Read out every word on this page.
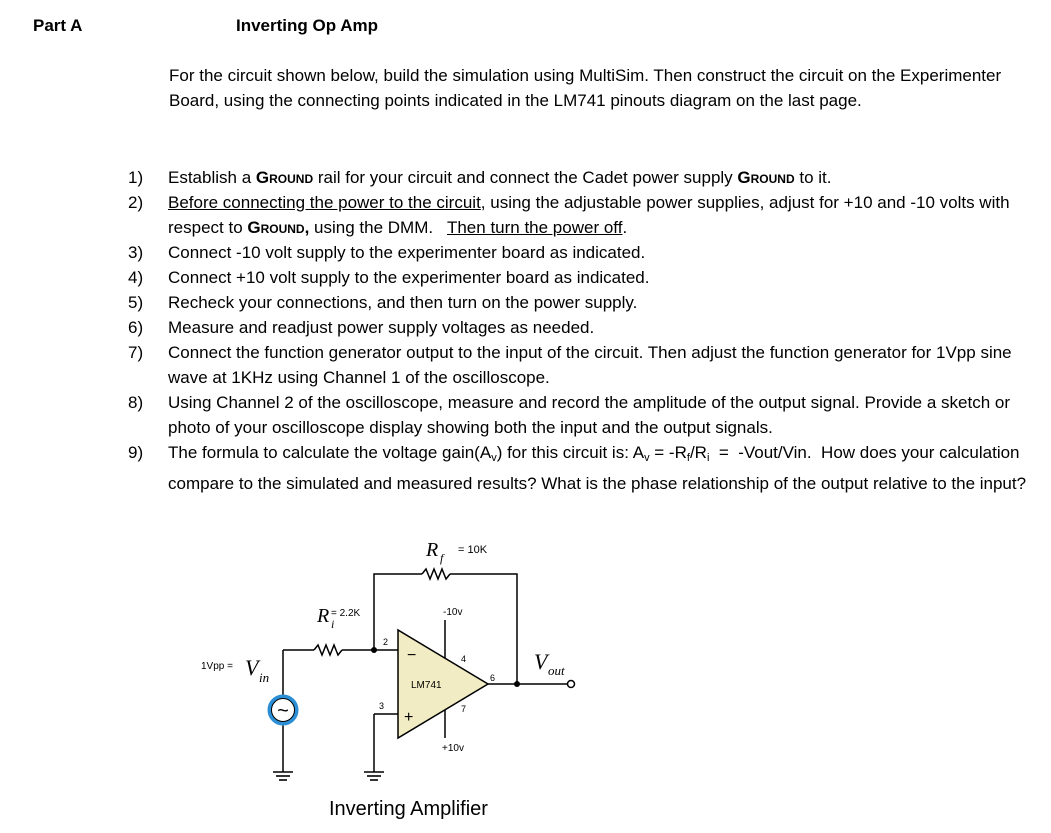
Part A	Inverting Op Amp
For the circuit shown below, build the simulation using MultiSim. Then construct the circuit on the Experimenter Board, using the connecting points indicated in the LM741 pinouts diagram on the last page.
1)	Establish a Ground rail for your circuit and connect the Cadet power supply Ground to it.
2)	Before connecting the power to the circuit, using the adjustable power supplies, adjust for +10 and -10 volts with respect to Ground, using the DMM.   Then turn the power off.
3)	Connect -10 volt supply to the experimenter board as indicated.
4)	Connect +10 volt supply to the experimenter board as indicated.
5)	Recheck your connections, and then turn on the power supply.
6)	Measure and readjust power supply voltages as needed.
7)	Connect the function generator output to the input of the circuit. Then adjust the function generator for 1Vpp sine wave at 1KHz using Channel 1 of the oscilloscope.
8)	Using Channel 2 of the oscilloscope, measure and record the amplitude of the output signal. Provide a sketch or photo of your oscilloscope display showing both the input and the output signals.
9)	The formula to calculate the voltage $gain(A_v)$ for this circuit is: $A_v = -R_f/R_i$  =  -Vout/Vin.  How does your calculation compare to the simulated and measured results? What is the phase relationship of the output relative to the input?
~
R f
= 10K
R i
= 2.2K	-10v
+10v
−
+
LM741
2
3
4
6
7
1Vpp = V in
V out
Inverting Amplifier
